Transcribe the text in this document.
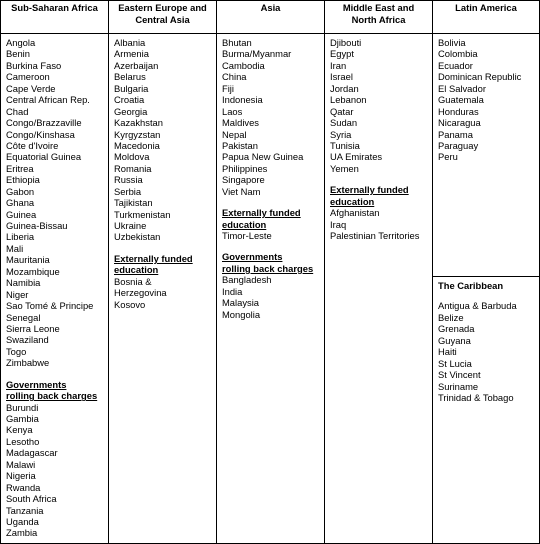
Sub-Saharan Africa
Angola
Benin
Burkina Faso
Cameroon
Cape Verde
Central African Rep.
Chad
Congo/Brazzaville
Congo/Kinshasa
Côte d'Ivoire
Equatorial Guinea
Eritrea
Ethiopia
Gabon
Ghana
Guinea
Guinea-Bissau
Liberia
Mali
Mauritania
Mozambique
Namibia
Niger
Sao Tomé & Principe
Senegal
Sierra Leone
Swaziland
Togo
Zimbabwe
Governments
rolling back charges
Burundi
Gambia
Kenya
Lesotho
Madagascar
Malawi
Nigeria
Rwanda
South Africa
Tanzania
Uganda
Zambia
Eastern Europe and
Central Asia
Albania
Armenia
Azerbaijan
Belarus
Bulgaria
Croatia
Georgia
Kazakhstan
Kyrgyzstan
Macedonia
Moldova
Romania
Russia
Serbia
Tajikistan
Turkmenistan
Ukraine
Uzbekistan
Externally funded
education
Bosnia &
Herzegovina
Kosovo
Asia
Bhutan
Burma/Myanmar
Cambodia
China
Fiji
Indonesia
Laos
Maldives
Nepal
Pakistan
Papua New Guinea
Philippines
Singapore
Viet Nam
Externally funded
education
Timor-Leste
Governments
rolling back charges
Bangladesh
India
Malaysia
Mongolia
Middle East and
North Africa
Djibouti
Egypt
Iran
Israel
Jordan
Lebanon
Qatar
Sudan
Syria
Tunisia
UA Emirates
Yemen
Externally funded
education
Afghanistan
Iraq
Palestinian Territories
Latin America
Bolivia
Colombia
Ecuador
Dominican Republic
El Salvador
Guatemala
Honduras
Nicaragua
Panama
Paraguay
Peru
The Caribbean
Antigua & Barbuda
Belize
Grenada
Guyana
Haiti
St Lucia
St Vincent
Suriname
Trinidad & Tobago
